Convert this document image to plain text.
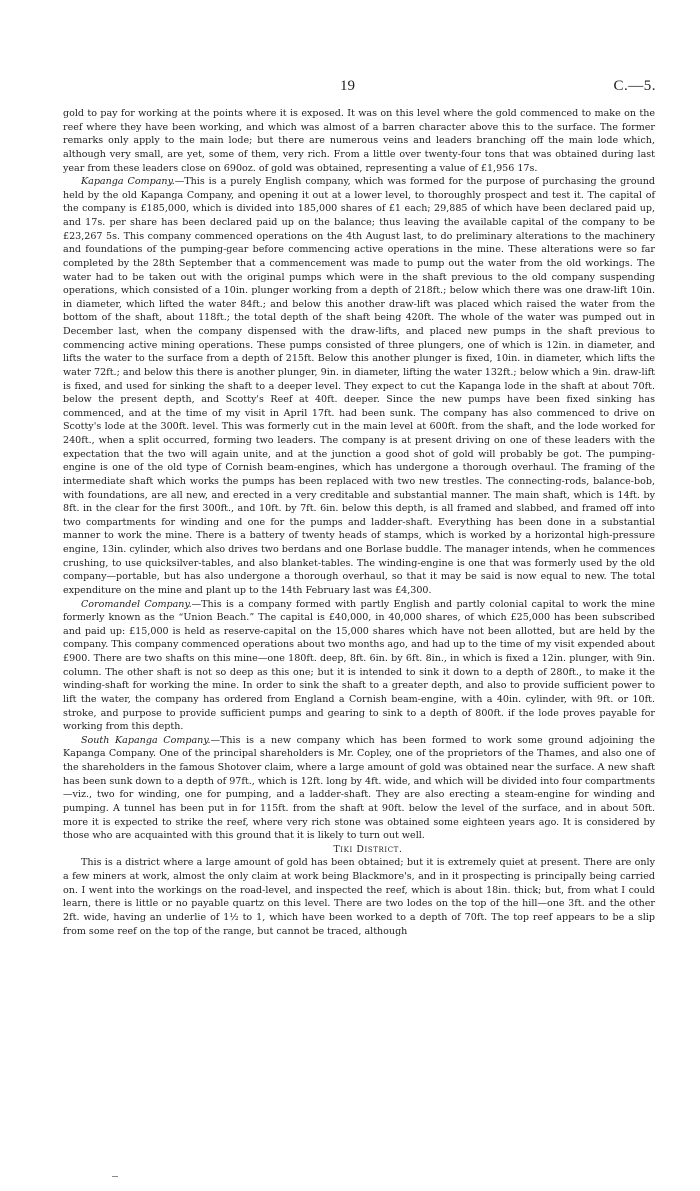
19	C.—5.

gold to pay for working at the points where it is exposed. It was on this level where the gold commenced to make on the reef where they have been working, and which was almost of a barren character above this to the surface. The former remarks only apply to the main lode; but there are numerous veins and leaders branching off the main lode which, although very small, are yet, some of them, very rich. From a little over twenty-four tons that was obtained during last year from these leaders close on 690oz. of gold was obtained, representing a value of £1,956 17s.

Kapanga Company.—This is a purely English company, which was formed for the purpose of purchasing the ground held by the old Kapanga Company, and opening it out at a lower level, to thoroughly prospect and test it. The capital of the company is £185,000, which is divided into 185,000 shares of £1 each; 29,885 of which have been declared paid up, and 17s. per share has been declared paid up on the balance; thus leaving the available capital of the company to be £23,267 5s. This company commenced operations on the 4th August last, to do preliminary alterations to the machinery and foundations of the pumping-gear before commencing active operations in the mine. These alterations were so far completed by the 28th September that a commencement was made to pump out the water from the old workings. The water had to be taken out with the original pumps which were in the shaft previous to the old company suspending operations, which consisted of a 10in. plunger working from a depth of 218ft.; below which there was one draw-lift 10in. in diameter, which lifted the water 84ft.; and below this another draw-lift was placed which raised the water from the bottom of the shaft, about 118ft.; the total depth of the shaft being 420ft. The whole of the water was pumped out in December last, when the company dispensed with the draw-lifts, and placed new pumps in the shaft previous to commencing active mining operations. These pumps consisted of three plungers, one of which is 12in. in diameter, and lifts the water to the surface from a depth of 215ft. Below this another plunger is fixed, 10in. in diameter, which lifts the water 72ft.; and below this there is another plunger, 9in. in diameter, lifting the water 132ft.; below which a 9in. draw-lift is fixed, and used for sinking the shaft to a deeper level. They expect to cut the Kapanga lode in the shaft at about 70ft. below the present depth, and Scotty's Reef at 40ft. deeper. Since the new pumps have been fixed sinking has commenced, and at the time of my visit in April 17ft. had been sunk. The company has also commenced to drive on Scotty's lode at the 300ft. level. This was formerly cut in the main level at 600ft. from the shaft, and the lode worked for 240ft., when a split occurred, forming two leaders. The company is at present driving on one of these leaders with the expectation that the two will again unite, and at the junction a good shot of gold will probably be got. The pumping-engine is one of the old type of Cornish beam-engines, which has undergone a thorough overhaul. The framing of the intermediate shaft which works the pumps has been replaced with two new trestles. The connecting-rods, balance-bob, with foundations, are all new, and erected in a very creditable and substantial manner. The main shaft, which is 14ft. by 8ft. in the clear for the first 300ft., and 10ft. by 7ft. 6in. below this depth, is all framed and slabbed, and framed off into two compartments for winding and one for the pumps and ladder-shaft. Everything has been done in a substantial manner to work the mine. There is a battery of twenty heads of stamps, which is worked by a horizontal high-pressure engine, 13in. cylinder, which also drives two berdans and one Borlase buddle. The manager intends, when he commences crushing, to use quicksilver-tables, and also blanket-tables. The winding-engine is one that was formerly used by the old company—portable, but has also undergone a thorough overhaul, so that it may be said is now equal to new. The total expenditure on the mine and plant up to the 14th February last was £4,300.

Coromandel Company.—This is a company formed with partly English and partly colonial capital to work the mine formerly known as the “Union Beach.” The capital is £40,000, in 40,000 shares, of which £25,000 has been subscribed and paid up: £15,000 is held as reserve-capital on the 15,000 shares which have not been allotted, but are held by the company. This company commenced operations about two months ago, and had up to the time of my visit expended about £900. There are two shafts on this mine—one 180ft. deep, 8ft. 6in. by 6ft. 8in., in which is fixed a 12in. plunger, with 9in. column. The other shaft is not so deep as this one; but it is intended to sink it down to a depth of 280ft., to make it the winding-shaft for working the mine. In order to sink the shaft to a greater depth, and also to provide sufficient power to lift the water, the company has ordered from England a Cornish beam-engine, with a 40in. cylinder, with 9ft. or 10ft. stroke, and purpose to provide sufficient pumps and gearing to sink to a depth of 800ft. if the lode proves payable for working from this depth.

South Kapanga Company.—This is a new company which has been formed to work some ground adjoining the Kapanga Company. One of the principal shareholders is Mr. Copley, one of the proprietors of the Thames, and also one of the shareholders in the famous Shotover claim, where a large amount of gold was obtained near the surface. A new shaft has been sunk down to a depth of 97ft., which is 12ft. long by 4ft. wide, and which will be divided into four compartments—viz., two for winding, one for pumping, and a ladder-shaft. They are also erecting a steam-engine for winding and pumping. A tunnel has been put in for 115ft. from the shaft at 90ft. below the level of the surface, and in about 50ft. more it is expected to strike the reef, where very rich stone was obtained some eighteen years ago. It is considered by those who are acquainted with this ground that it is likely to turn out well.

Tiki District.

This is a district where a large amount of gold has been obtained; but it is extremely quiet at present. There are only a few miners at work, almost the only claim at work being Blackmore's, and in it prospecting is principally being carried on. I went into the workings on the road-level, and inspected the reef, which is about 18in. thick; but, from what I could learn, there is little or no payable quartz on this level. There are two lodes on the top of the hill—one 3ft. and the other 2ft. wide, having an underlie of 1½ to 1, which have been worked to a depth of 70ft. The top reef appears to be a slip from some reef on the top of the range, but cannot be traced, although
